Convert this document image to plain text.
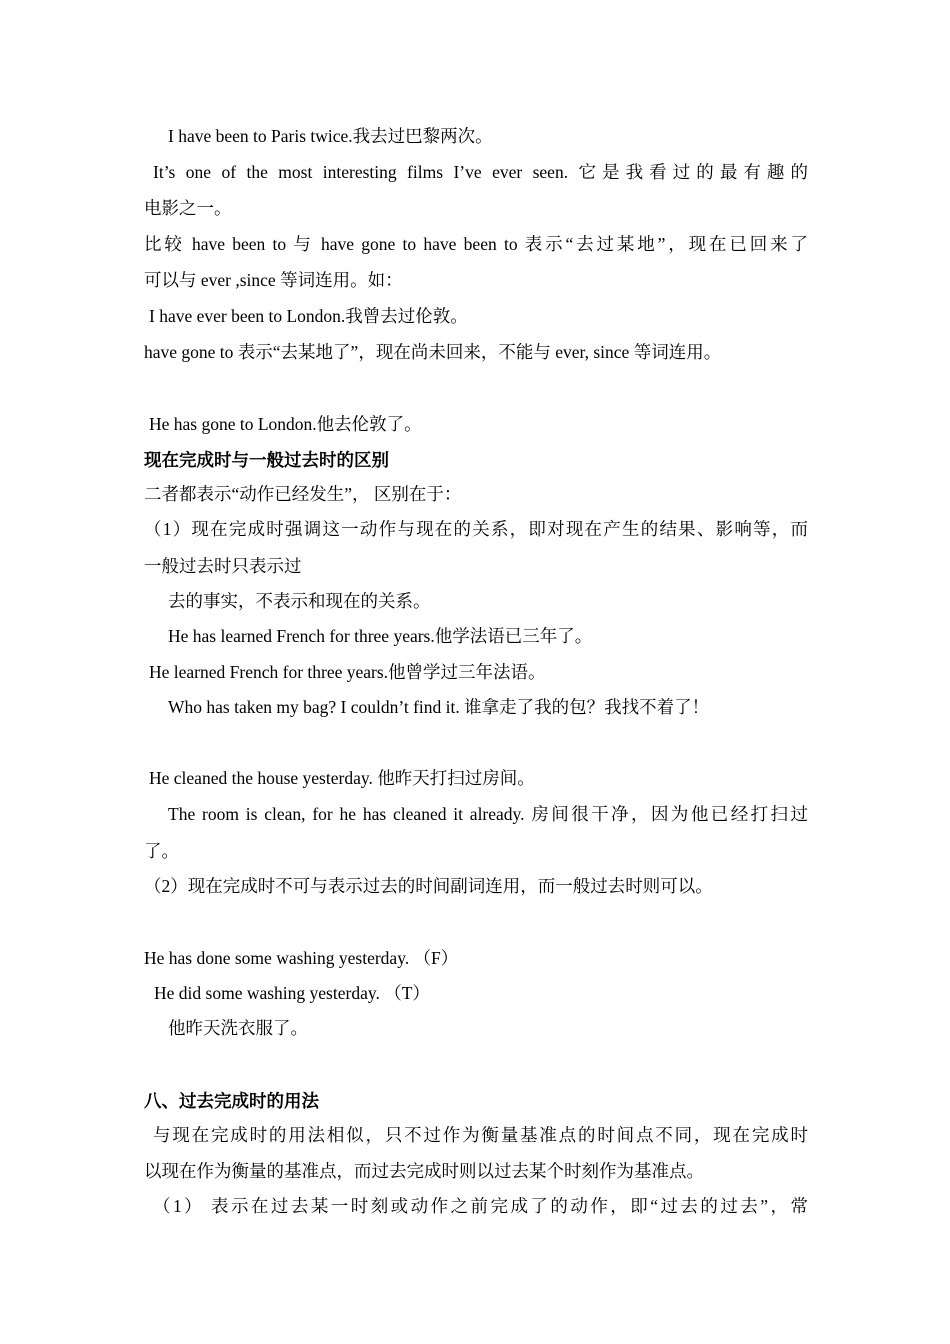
I have been to Paris twice.我去过巴黎两次。
It’s one of the most interesting films I’ve ever seen. 它是我看过的最有趣的
电影之一。
比较 have been to 与 have gone to have been to 表示“去过某地”，现在已回来了
可以与 ever ,since 等词连用。如：
I have ever been to London.我曾去过伦敦。
have gone to 表示“去某地了”，现在尚未回来，不能与 ever, since 等词连用。
He has gone to London.他去伦敦了。
现在完成时与一般过去时的区别
二者都表示“动作已经发生”， 区别在于：
（1）现在完成时强调这一动作与现在的关系，即对现在产生的结果、影响等，而
一般过去时只表示过
去的事实，不表示和现在的关系。
He has learned French for three years.他学法语已三年了。
He learned French for three years.他曾学过三年法语。
Who has taken my bag? I couldn’t find it. 谁拿走了我的包？我找不着了！
He cleaned the house yesterday. 他昨天打扫过房间。
The room is clean, for he has cleaned it already. 房间很干净，因为他已经打扫过
了。
（2）现在完成时不可与表示过去的时间副词连用，而一般过去时则可以。
He has done some washing yesterday. （F）
He did some washing yesterday. （T）
他昨天洗衣服了。
八、过去完成时的用法
与现在完成时的用法相似，只不过作为衡量基准点的时间点不同，现在完成时
以现在作为衡量的基准点，而过去完成时则以过去某个时刻作为基准点。
（1） 表示在过去某一时刻或动作之前完成了的动作，即“过去的过去”，常
